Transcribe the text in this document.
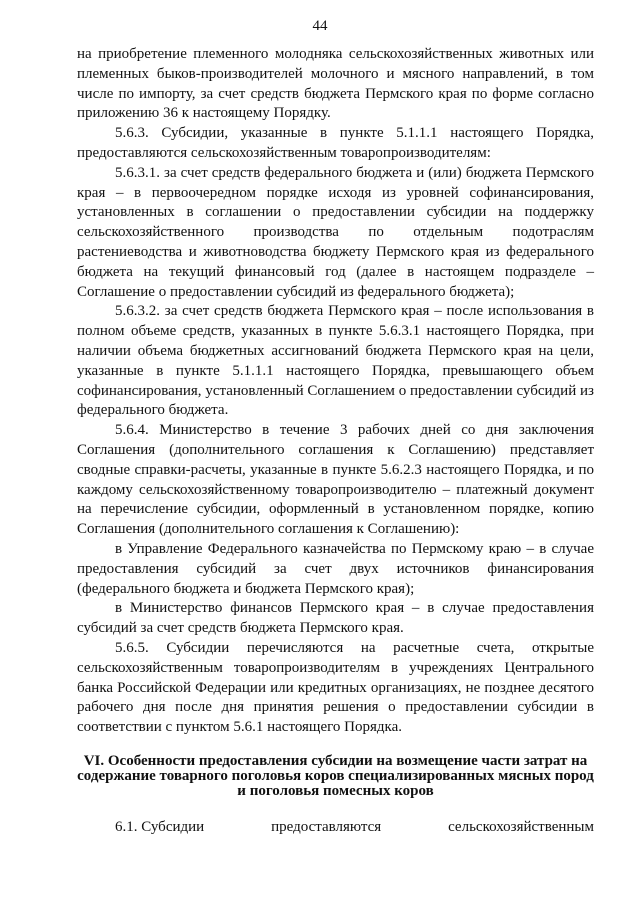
44

на приобретение племенного молодняка сельскохозяйственных животных или племенных быков-производителей молочного и мясного направлений, в том числе по импорту, за счет средств бюджета Пермского края по форме согласно приложению 36 к настоящему Порядку.

5.6.3. Субсидии, указанные в пункте 5.1.1.1 настоящего Порядка, предоставляются сельскохозяйственным товаропроизводителям:

5.6.3.1. за счет средств федерального бюджета и (или) бюджета Пермского края – в первоочередном порядке исходя из уровней софинансирования, установленных в соглашении о предоставлении субсидии на поддержку сельскохозяйственного производства по отдельным подотраслям растениеводства и животноводства бюджету Пермского края из федерального бюджета на текущий финансовый год (далее в настоящем подразделе – Соглашение о предоставлении субсидий из федерального бюджета);

5.6.3.2. за счет средств бюджета Пермского края – после использования в полном объеме средств, указанных в пункте 5.6.3.1 настоящего Порядка, при наличии объема бюджетных ассигнований бюджета Пермского края на цели, указанные в пункте 5.1.1.1 настоящего Порядка, превышающего объем софинансирования, установленный Соглашением о предоставлении субсидий из федерального бюджета.

5.6.4. Министерство в течение 3 рабочих дней со дня заключения Соглашения (дополнительного соглашения к Соглашению) представляет сводные справки-расчеты, указанные в пункте 5.6.2.3 настоящего Порядка, и по каждому сельскохозяйственному товаропроизводителю – платежный документ на перечисление субсидии, оформленный в установленном порядке, копию Соглашения (дополнительного соглашения к Соглашению):

в Управление Федерального казначейства по Пермскому краю – в случае предоставления субсидий за счет двух источников финансирования (федерального бюджета и бюджета Пермского края);

в Министерство финансов Пермского края – в случае предоставления субсидий за счет средств бюджета Пермского края.

5.6.5. Субсидии перечисляются на расчетные счета, открытые сельскохозяйственным товаропроизводителям в учреждениях Центрального банка Российской Федерации или кредитных организациях, не позднее десятого рабочего дня после дня принятия решения о предоставлении субсидии в соответствии с пунктом 5.6.1 настоящего Порядка.

VI. Особенности предоставления субсидии на возмещение части затрат на содержание товарного поголовья коров специализированных мясных пород и поголовья помесных коров
6.1. Субсидии	предоставляются	сельскохозяйственным
